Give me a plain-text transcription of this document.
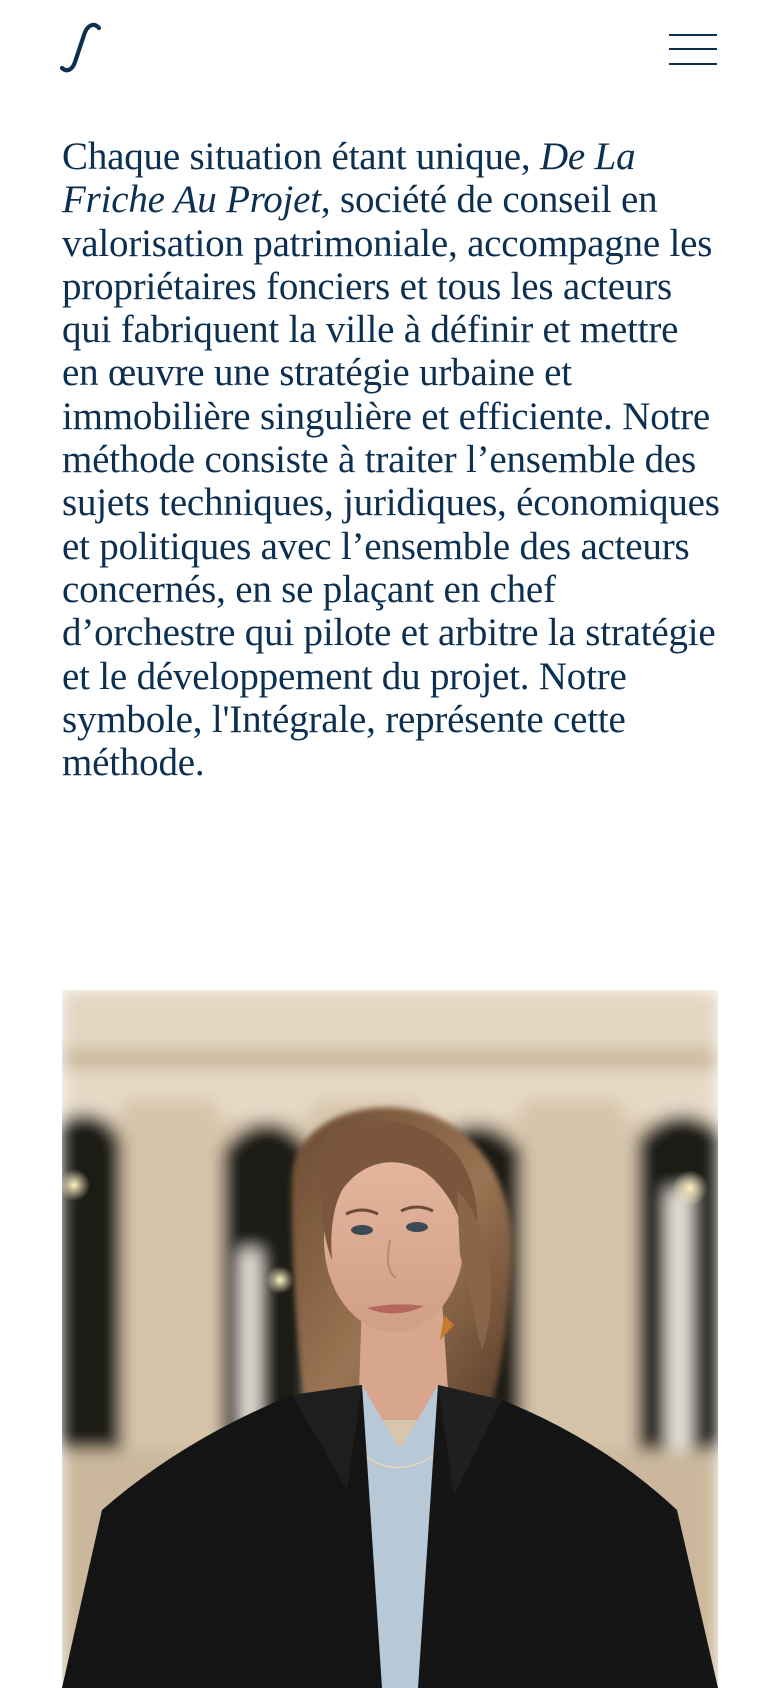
Chaque situation étant unique, De La Friche Au Projet, société de conseil en valorisation patrimoniale, accompagne les propriétaires fonciers et tous les acteurs qui fabriquent la ville à définir et mettre en œuvre une stratégie urbaine et immobilière singulière et efficiente. Notre méthode consiste à traiter l’ensemble des sujets techniques, juridiques, économiques et politiques avec l’ensemble des acteurs concernés, en se plaçant en chef d’orchestre qui pilote et arbitre la stratégie et le développement du projet. Notre symbole, l'Intégrale, représente cette méthode.
